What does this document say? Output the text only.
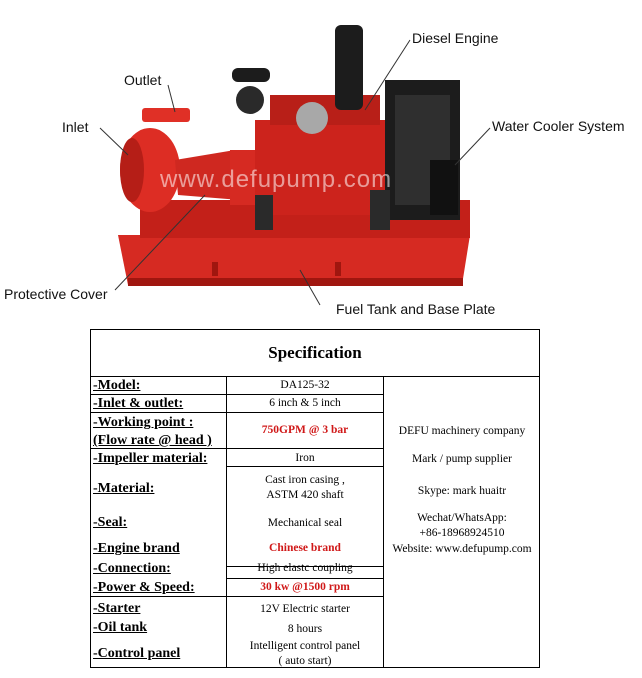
Outlet
Inlet
Diesel Engine
Water Cooler System
Protective Cover
Fuel Tank and Base Plate
www.defupump.com
Specification
-Model:
-Inlet & outlet:
-Working point :
(Flow rate @ head )
-Impeller material:
-Material:
-Seal:
-Engine brand
-Connection:
-Power & Speed:
-Starter
-Oil tank
-Control panel
DA125-32
6 inch & 5 inch
750GPM @ 3 bar
Iron
Cast iron casing ,
ASTM 420 shaft
Mechanical seal
Chinese brand
High elastc coupling
30 kw @1500 rpm
12V Electric starter
8 hours
Intelligent control panel
( auto start)
DEFU machinery company
Mark / pump supplier
Skype: mark huaitr
Wechat/WhatsApp:
+86-18968924510
Website: www.defupump.com
